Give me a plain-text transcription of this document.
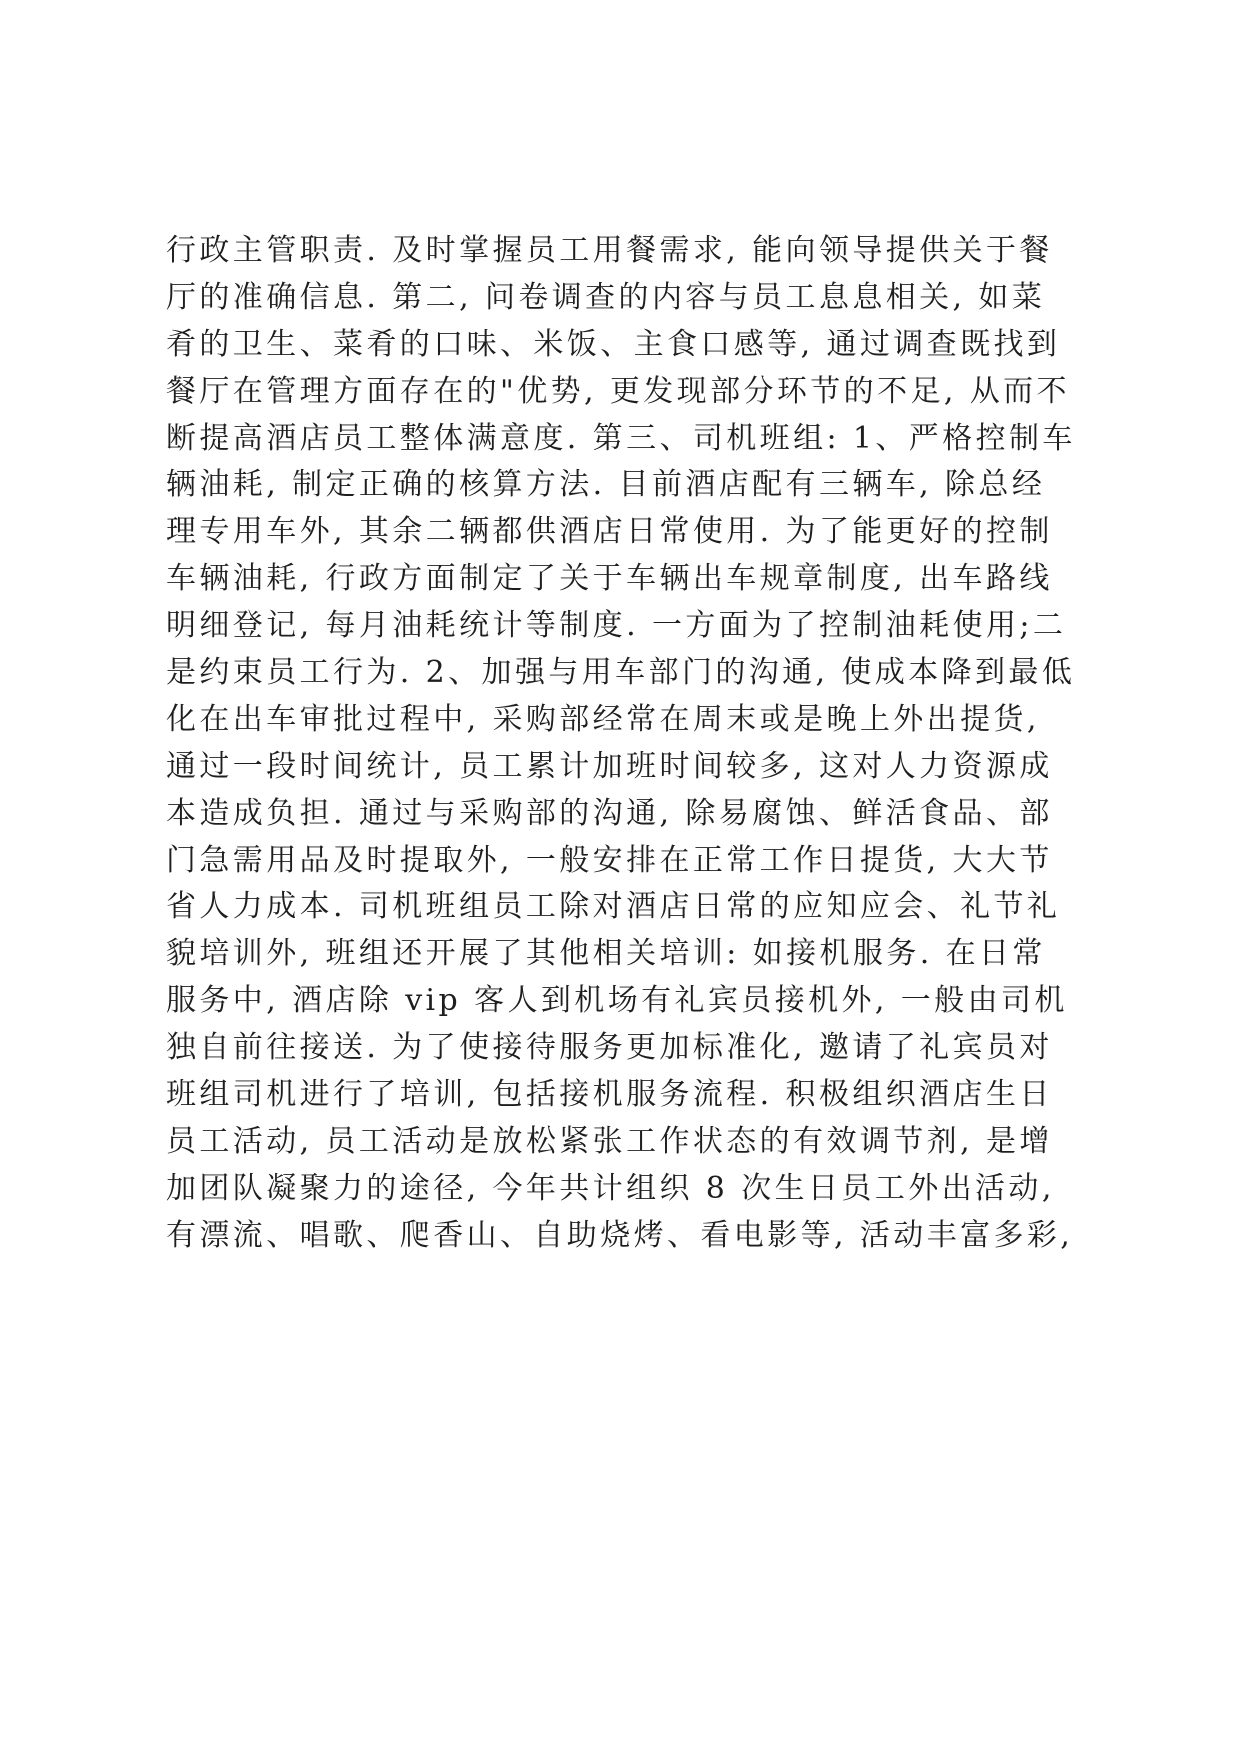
行政主管职责. 及时掌握员工用餐需求, 能向领导提供关于餐
厅的准确信息. 第二, 问卷调查的内容与员工息息相关, 如菜
肴的卫生、菜肴的口味、米饭、主食口感等, 通过调查既找到
餐厅在管理方面存在的"优势, 更发现部分环节的不足, 从而不
断提高酒店员工整体满意度. 第三、司机班组: 1、严格控制车
辆油耗, 制定正确的核算方法. 目前酒店配有三辆车, 除总经
理专用车外, 其余二辆都供酒店日常使用. 为了能更好的控制
车辆油耗, 行政方面制定了关于车辆出车规章制度, 出车路线
明细登记, 每月油耗统计等制度. 一方面为了控制油耗使用;二
是约束员工行为. 2、加强与用车部门的沟通, 使成本降到最低
化在出车审批过程中, 采购部经常在周末或是晚上外出提货,
通过一段时间统计, 员工累计加班时间较多, 这对人力资源成
本造成负担. 通过与采购部的沟通, 除易腐蚀、鲜活食品、部
门急需用品及时提取外, 一般安排在正常工作日提货, 大大节
省人力成本. 司机班组员工除对酒店日常的应知应会、礼节礼
貌培训外, 班组还开展了其他相关培训: 如接机服务. 在日常
服务中, 酒店除 vip 客人到机场有礼宾员接机外, 一般由司机
独自前往接送. 为了使接待服务更加标准化, 邀请了礼宾员对
班组司机进行了培训, 包括接机服务流程. 积极组织酒店生日
员工活动, 员工活动是放松紧张工作状态的有效调节剂, 是增
加团队凝聚力的途径, 今年共计组织 8 次生日员工外出活动,
有漂流、唱歌、爬香山、自助烧烤、看电影等, 活动丰富多彩,
